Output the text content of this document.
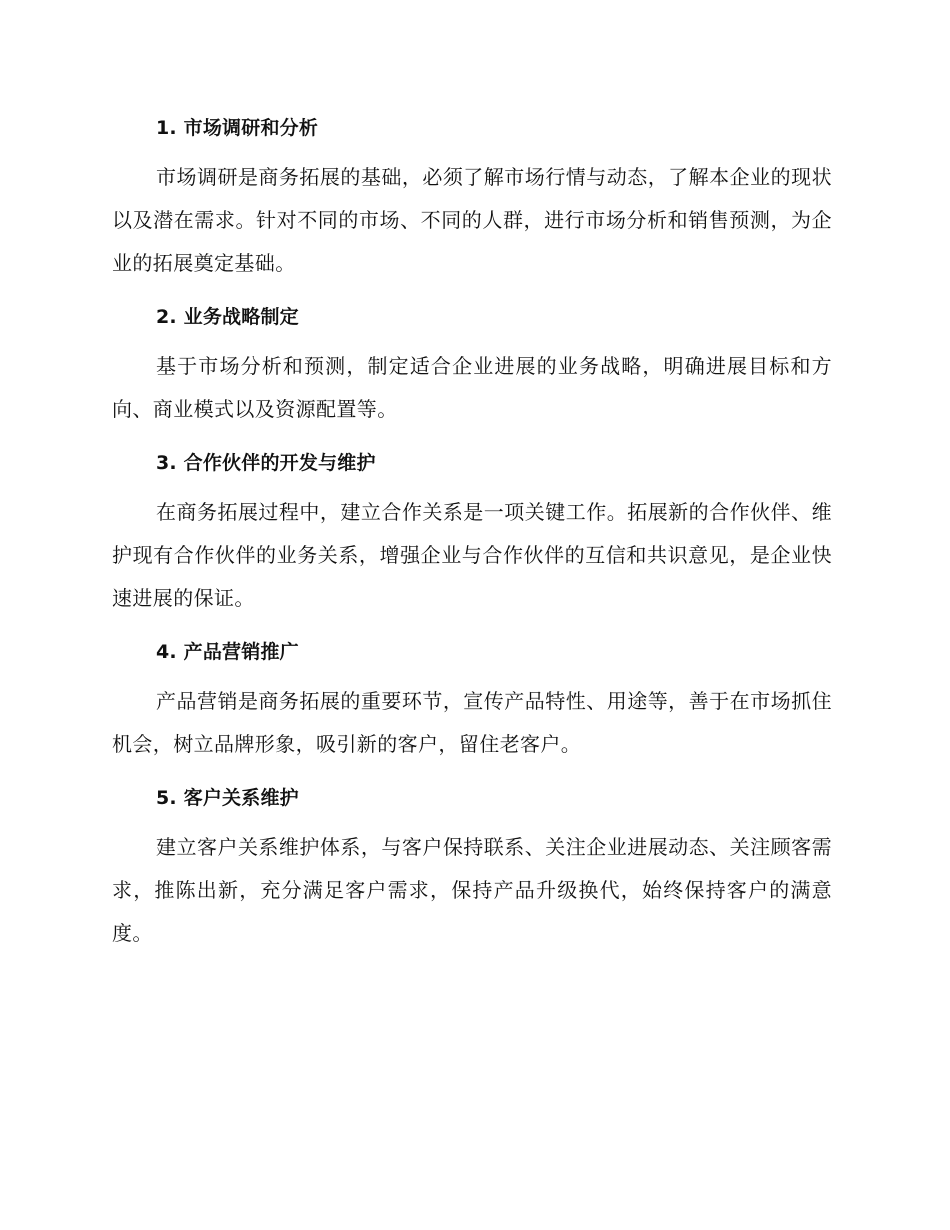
1. 市场调研和分析

市场调研是商务拓展的基础，必须了解市场行情与动态，了解本企业的现状以及潜在需求。针对不同的市场、不同的人群，进行市场分析和销售预测，为企业的拓展奠定基础。

2. 业务战略制定

基于市场分析和预测，制定适合企业进展的业务战略，明确进展目标和方向、商业模式以及资源配置等。

3. 合作伙伴的开发与维护

在商务拓展过程中，建立合作关系是一项关键工作。拓展新的合作伙伴、维护现有合作伙伴的业务关系，增强企业与合作伙伴的互信和共识意见，是企业快速进展的保证。

4. 产品营销推广

产品营销是商务拓展的重要环节，宣传产品特性、用途等，善于在市场抓住机会，树立品牌形象，吸引新的客户，留住老客户。

5. 客户关系维护

建立客户关系维护体系，与客户保持联系、关注企业进展动态、关注顾客需求，推陈出新，充分满足客户需求，保持产品升级换代，始终保持客户的满意度。
